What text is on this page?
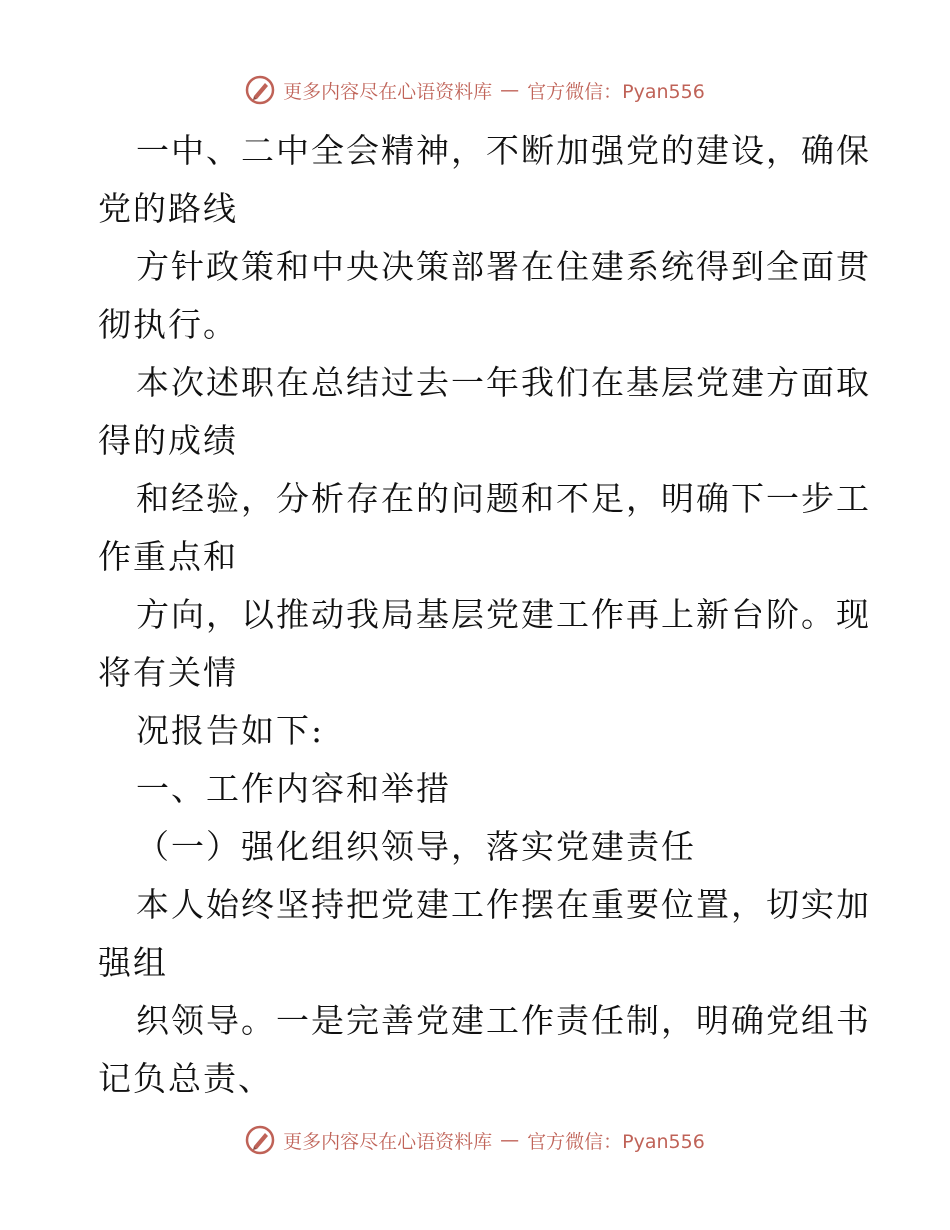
更多内容尽在心语资料库 — 官方微信：Pyan556
一中、二中全会精神，不断加强党的建设，确保
党的路线
方针政策和中央决策部署在住建系统得到全面贯
彻执行。
本次述职在总结过去一年我们在基层党建方面取
得的成绩
和经验，分析存在的问题和不足，明确下一步工
作重点和
方向，以推动我局基层党建工作再上新台阶。现
将有关情
况报告如下:
一、工作内容和举措
（一）强化组织领导，落实党建责任
本人始终坚持把党建工作摆在重要位置，切实加
强组
织领导。一是完善党建工作责任制，明确党组书
记负总责、
更多内容尽在心语资料库 — 官方微信：Pyan556
